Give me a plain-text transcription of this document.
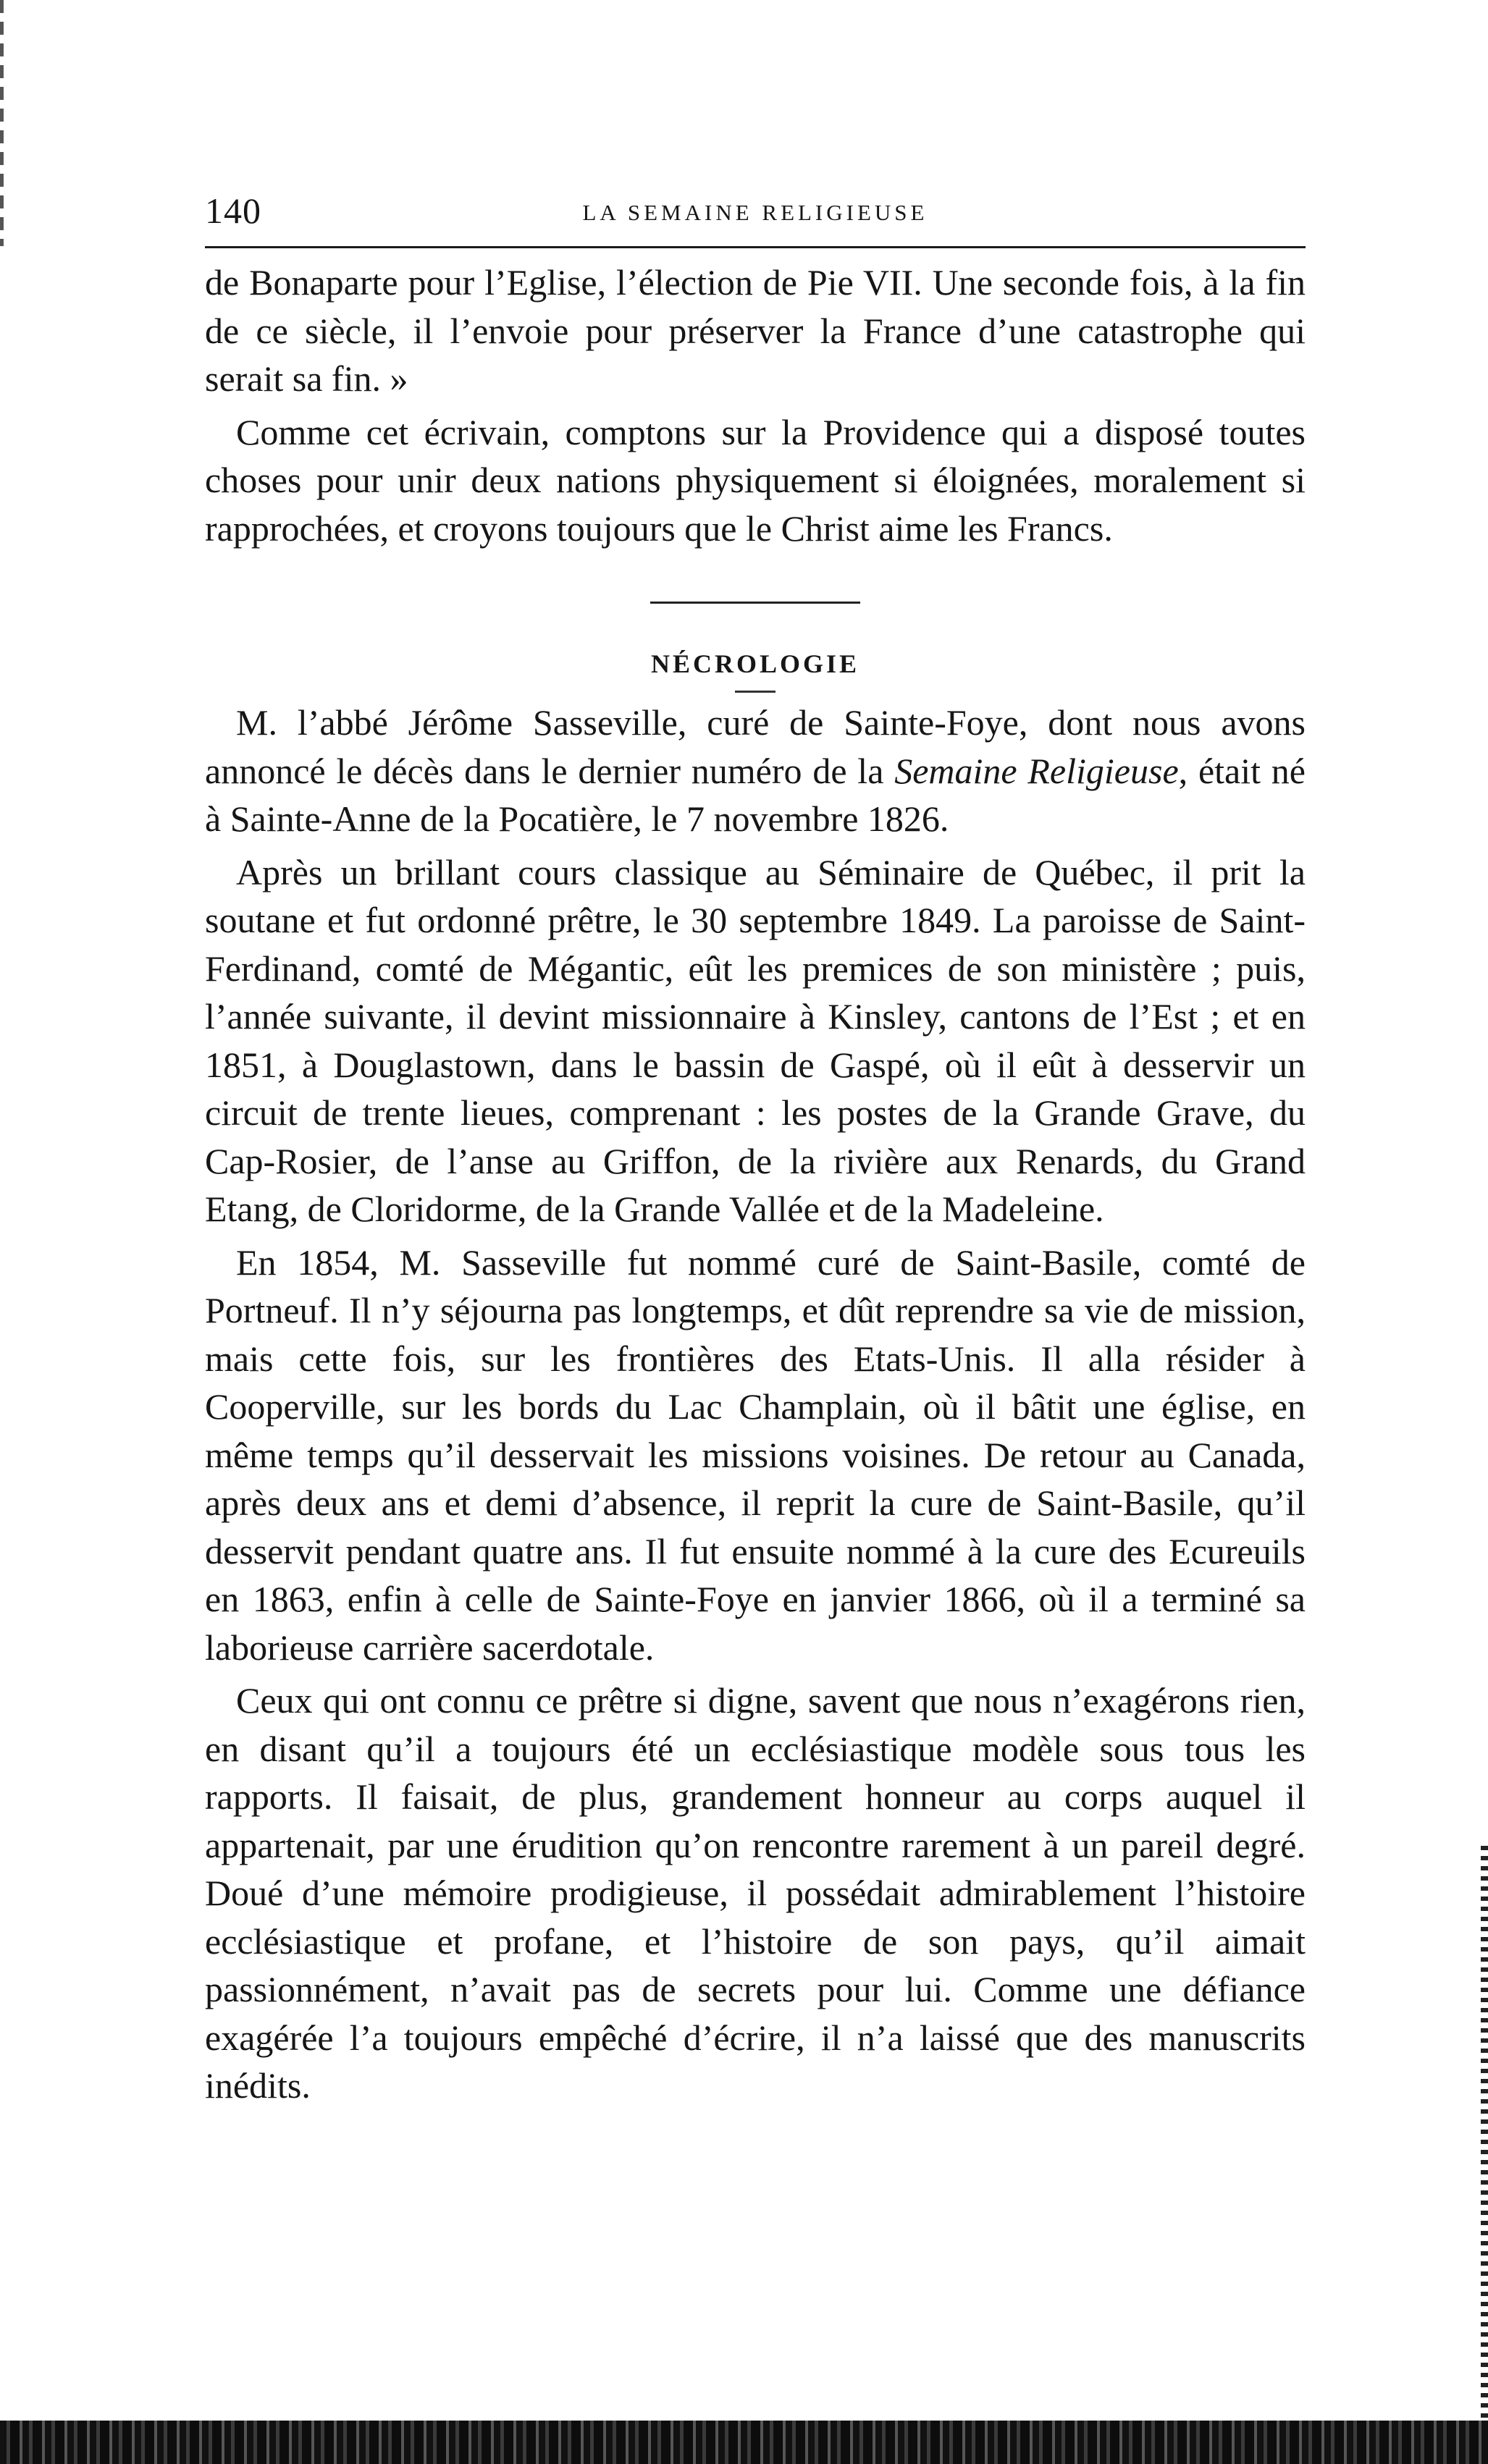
140	LA SEMAINE RELIGIEUSE

de Bonaparte pour l’Eglise, l’élection de Pie VII. Une seconde fois, à la fin de ce siècle, il l’envoie pour préserver la France d’une catastrophe qui serait sa fin. »

Comme cet écrivain, comptons sur la Providence qui a disposé toutes choses pour unir deux nations physiquement si éloignées, moralement si rapprochées, et croyons toujours que le Christ aime les Francs.

NÉCROLOGIE

M. l’abbé Jérôme Sasseville, curé de Sainte-Foye, dont nous avons annoncé le décès dans le dernier numéro de la Semaine Religieuse, était né à Sainte-Anne de la Pocatière, le 7 novembre 1826.

Après un brillant cours classique au Séminaire de Québec, il prit la soutane et fut ordonné prêtre, le 30 septembre 1849. La paroisse de Saint-Ferdinand, comté de Mégantic, eût les premices de son ministère ; puis, l’année suivante, il devint missionnaire à Kinsley, cantons de l’Est ; et en 1851, à Douglastown, dans le bassin de Gaspé, où il eût à desservir un circuit de trente lieues, comprenant : les postes de la Grande Grave, du Cap-Rosier, de l’anse au Griffon, de la rivière aux Renards, du Grand Etang, de Cloridorme, de la Grande Vallée et de la Madeleine.

En 1854, M. Sasseville fut nommé curé de Saint-Basile, comté de Portneuf. Il n’y séjourna pas longtemps, et dût reprendre sa vie de mission, mais cette fois, sur les frontières des Etats-Unis. Il alla résider à Cooperville, sur les bords du Lac Champlain, où il bâtit une église, en même temps qu’il desservait les missions voisines. De retour au Canada, après deux ans et demi d’absence, il reprit la cure de Saint-Basile, qu’il desservit pendant quatre ans. Il fut ensuite nommé à la cure des Ecureuils en 1863, enfin à celle de Sainte-Foye en janvier 1866, où il a terminé sa laborieuse carrière sacerdotale.

Ceux qui ont connu ce prêtre si digne, savent que nous n’exagérons rien, en disant qu’il a toujours été un ecclésiastique modèle sous tous les rapports. Il faisait, de plus, grandement honneur au corps auquel il appartenait, par une érudition qu’on rencontre rarement à un pareil degré. Doué d’une mémoire prodigieuse, il possédait admirablement l’histoire ecclésiastique et profane, et l’histoire de son pays, qu’il aimait passionnément, n’avait pas de secrets pour lui. Comme une défiance exagérée l’a toujours empêché d’écrire, il n’a laissé que des manuscrits inédits.
